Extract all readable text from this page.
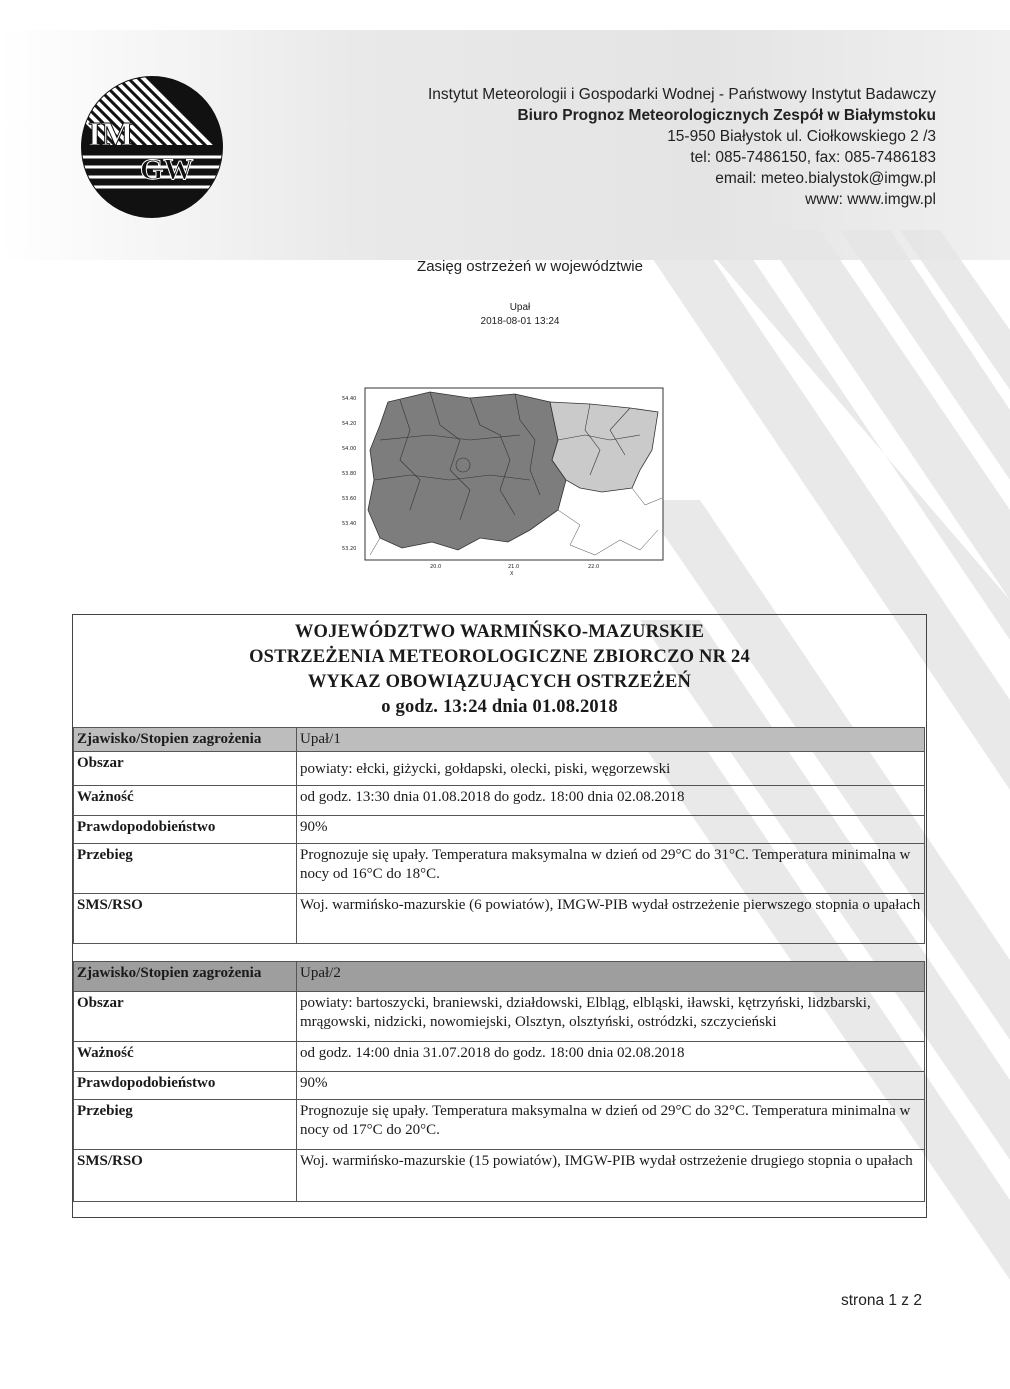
IM
GW
Instytut Meteorologii i Gospodarki Wodnej - Państwowy Instytut Badawczy
Biuro Prognoz Meteorologicznych Zespół w Białymstoku
15-950 Białystok ul. Ciołkowskiego 2 /3
tel: 085-7486150, fax: 085-7486183
email: meteo.bialystok@imgw.pl
www: www.imgw.pl
Zasięg ostrzeżeń w województwie
Upał
2018-08-01 13:24
54.40
54.20
54.00
53.80
53.60
53.40
53.20
20.0	21.0	22.0
X
WOJEWÓDZTWO WARMIŃSKO-MAZURSKIE
OSTRZEŻENIA METEOROLOGICZNE ZBIORCZO NR 24
WYKAZ OBOWIĄZUJĄCYCH OSTRZEŻEŃ
o godz. 13:24 dnia 01.08.2018
Zjawisko/Stopien zagrożenia	Upał/1
Obszar	powiaty: ełcki, giżycki, gołdapski, olecki, piski, węgorzewski
Ważność	od godz. 13:30 dnia 01.08.2018 do godz. 18:00 dnia 02.08.2018
Prawdopodobieństwo	90%
Przebieg	Prognozuje się upały. Temperatura maksymalna w dzień od 29°C do 31°C. Temperatura minimalna w nocy od 16°C do 18°C.
SMS/RSO	Woj. warmińsko-mazurskie (6 powiatów), IMGW-PIB wydał ostrzeżenie pierwszego stopnia o upałach
Zjawisko/Stopien zagrożenia	Upał/2
Obszar	powiaty: bartoszycki, braniewski, działdowski, Elbląg, elbląski, iławski, kętrzyński, lidzbarski, mrągowski, nidzicki, nowomiejski, Olsztyn, olsztyński, ostródzki, szczycieński
Ważność	od godz. 14:00 dnia 31.07.2018 do godz. 18:00 dnia 02.08.2018
Prawdopodobieństwo	90%
Przebieg	Prognozuje się upały. Temperatura maksymalna w dzień od 29°C do 32°C. Temperatura minimalna w nocy od 17°C do 20°C.
SMS/RSO	Woj. warmińsko-mazurskie (15 powiatów), IMGW-PIB wydał ostrzeżenie drugiego stopnia o upałach
strona 1 z 2
